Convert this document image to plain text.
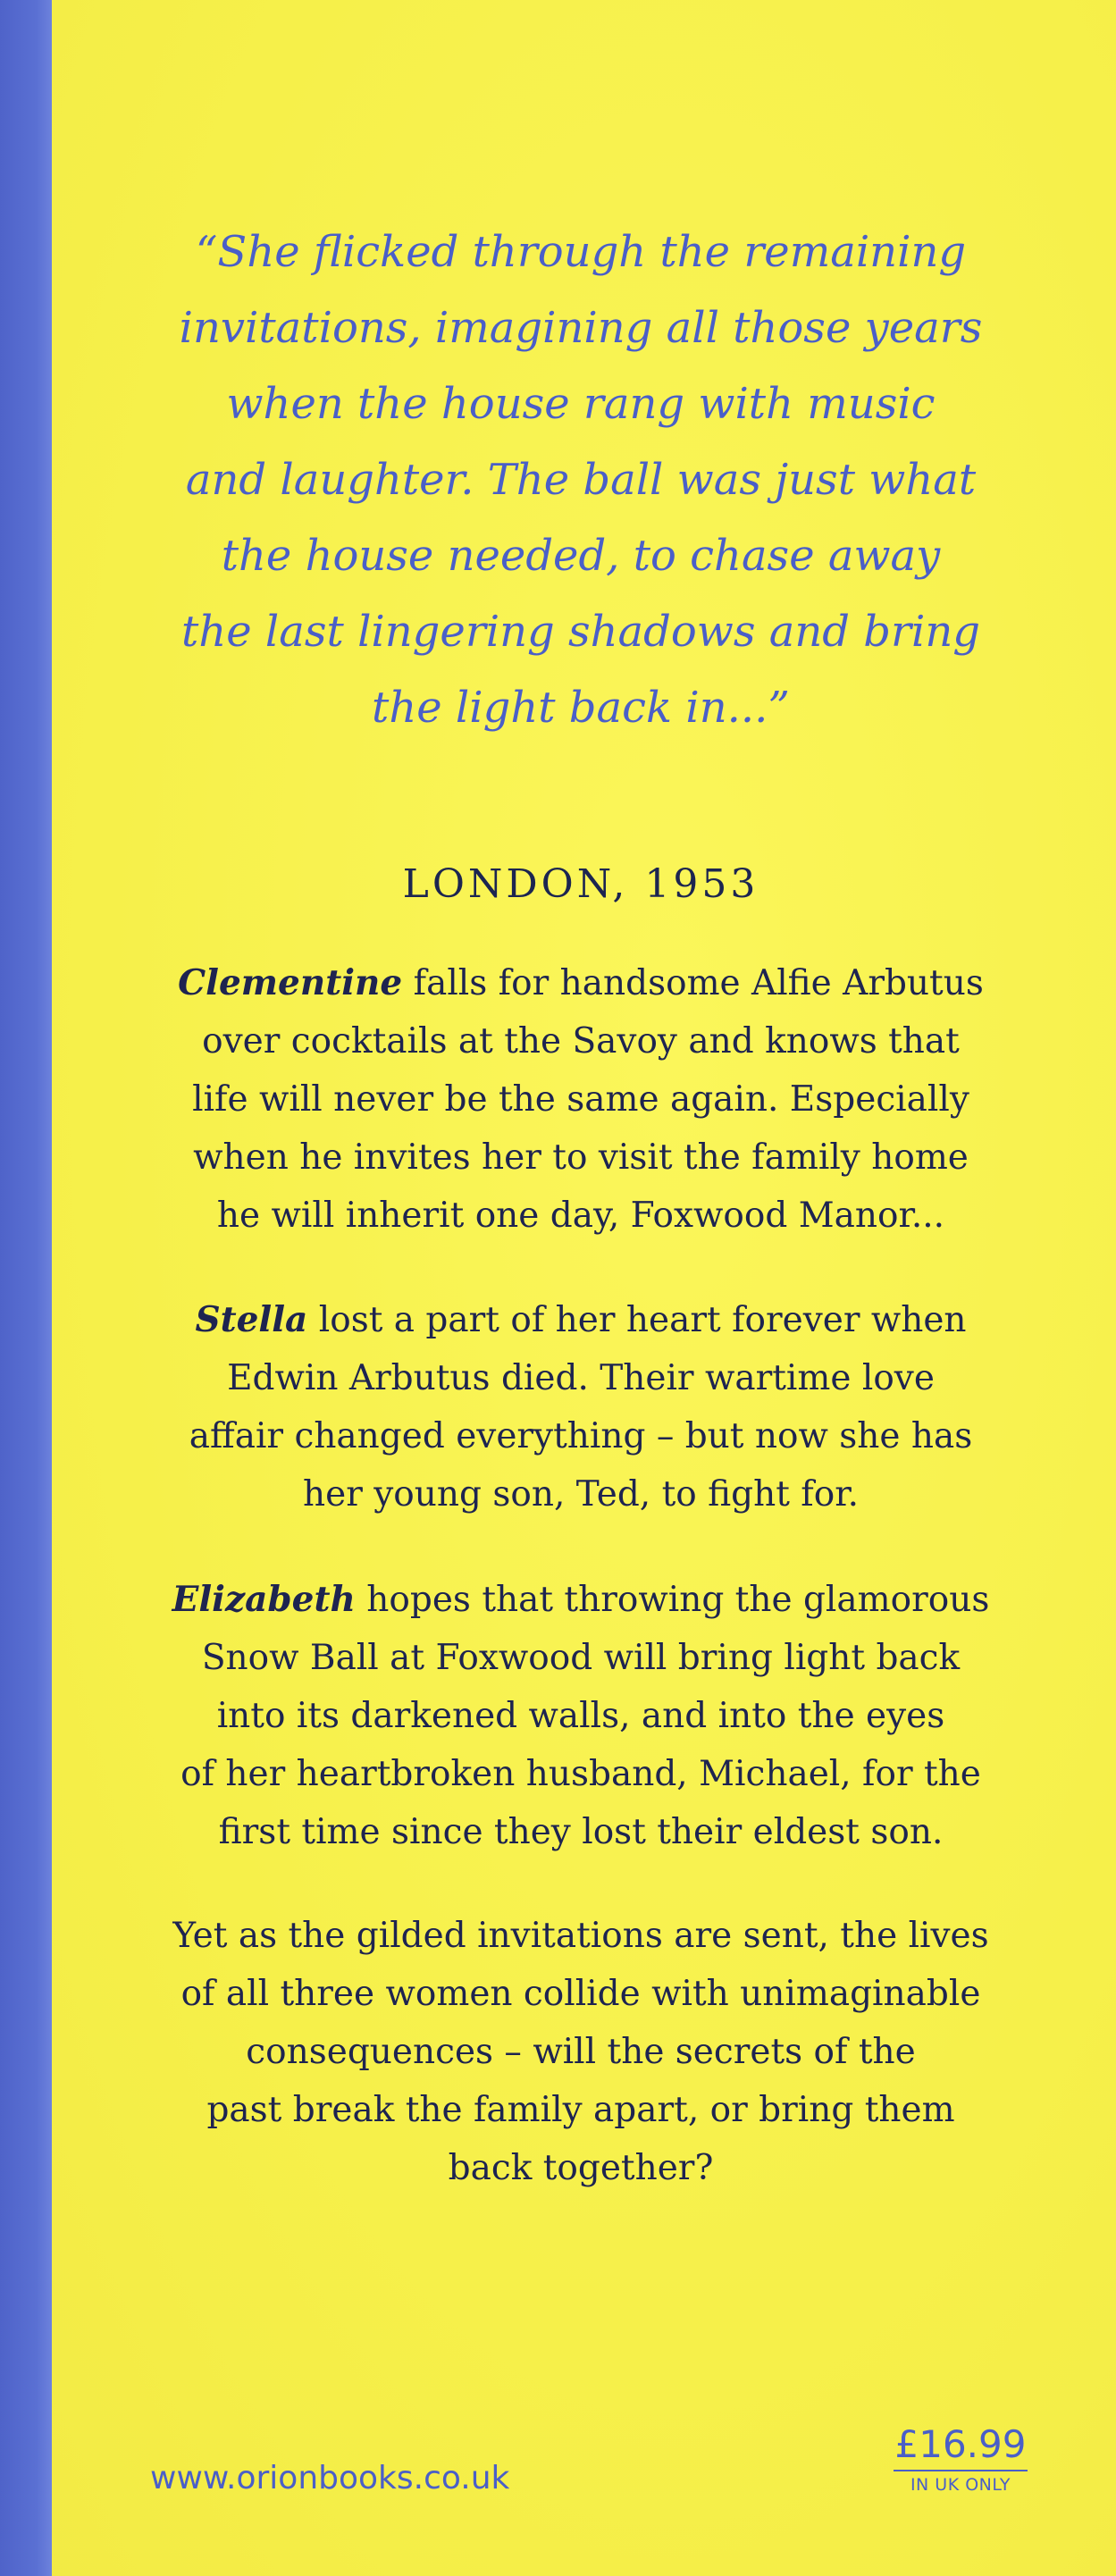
“She flicked through the remaining
invitations, imagining all those years
when the house rang with music
and laughter. The ball was just what
the house needed, to chase away
the last lingering shadows and bring
the light back in...”
LONDON, 1953
Clementine falls for handsome Alfie Arbutus
over cocktails at the Savoy and knows that
life will never be the same again. Especially
when he invites her to visit the family home
he will inherit one day, Foxwood Manor...
Stella lost a part of her heart forever when
Edwin Arbutus died. Their wartime love
affair changed everything – but now she has
her young son, Ted, to fight for.
Elizabeth hopes that throwing the glamorous
Snow Ball at Foxwood will bring light back
into its darkened walls, and into the eyes
of her heartbroken husband, Michael, for the
first time since they lost their eldest son.
Yet as the gilded invitations are sent, the lives
of all three women collide with unimaginable
consequences – will the secrets of the
past break the family apart, or bring them
back together?
www.orionbooks.co.uk
£16.99
IN UK ONLY
